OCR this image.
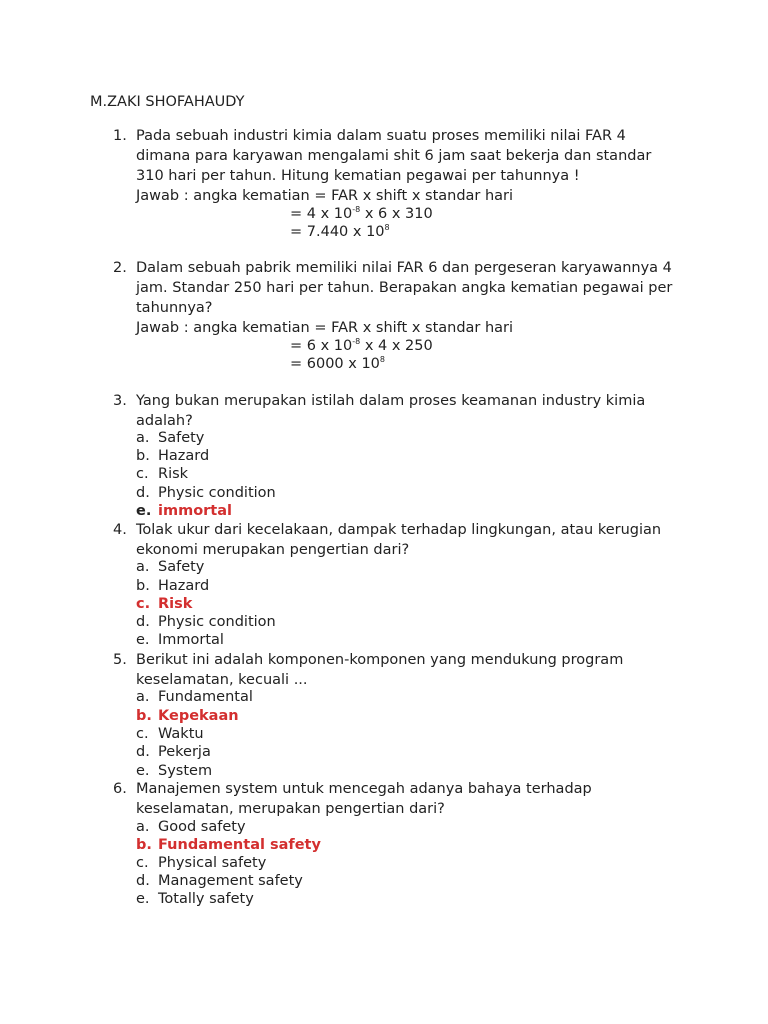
M.ZAKI SHOFAHAUDY
1. Pada sebuah industri kimia dalam suatu proses memiliki nilai FAR 4 dimana para karyawan mengalami shit 6 jam saat bekerja dan standar 310 hari per tahun. Hitung kematian pegawai per tahunnya !
Jawab : angka kematian = FAR x shift x standar hari
= 4 x $10^{-8}$ x 6 x 310
= 7.440 x $10^8$
2. Dalam sebuah pabrik memiliki nilai FAR 6 dan pergeseran karyawannya 4 jam. Standar 250 hari per tahun. Berapakan angka kematian pegawai per tahunnya?
Jawab : angka kematian = FAR x shift x standar hari
= 6 x $10^{-8}$ x 4 x 250
= 6000 x $10^8$
3. Yang bukan merupakan istilah dalam proses keamanan industry kimia adalah?
a. Safety
b. Hazard
c. Risk
d. Physic condition
e. immortal
4. Tolak ukur dari kecelakaan, dampak terhadap lingkungan, atau kerugian ekonomi merupakan pengertian dari?
a. Safety
b. Hazard
c. Risk
d. Physic condition
e. Immortal
5. Berikut ini adalah komponen-komponen yang mendukung program keselamatan, kecuali ...
a. Fundamental
b. Kepekaan
c. Waktu
d. Pekerja
e. System
6. Manajemen system untuk mencegah adanya bahaya terhadap keselamatan, merupakan pengertian dari?
a. Good safety
b. Fundamental safety
c. Physical safety
d. Management safety
e. Totally safety
